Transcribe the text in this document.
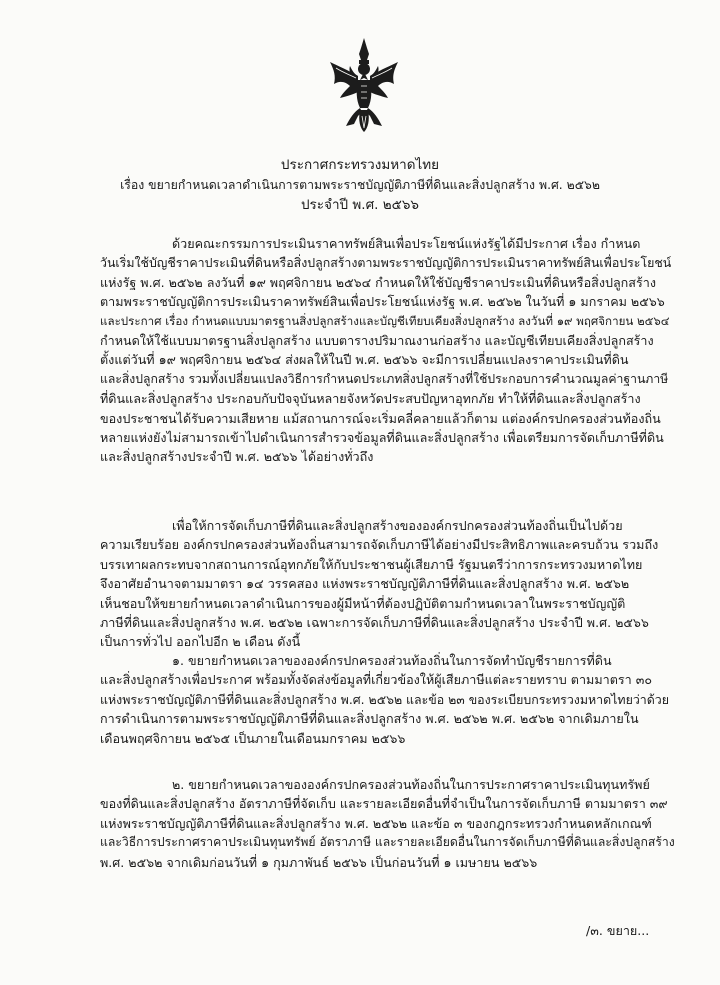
ประกาศกระทรวงมหาดไทย
เรื่อง ขยายกำหนดเวลาดำเนินการตามพระราชบัญญัติภาษีที่ดินและสิ่งปลูกสร้าง พ.ศ. ๒๕๖๒
ประจำปี พ.ศ. ๒๕๖๖
ด้วยคณะกรรมการประเมินราคาทรัพย์สินเพื่อประโยชน์แห่งรัฐได้มีประกาศ เรื่อง กำหนด
วันเริ่มใช้บัญชีราคาประเมินที่ดินหรือสิ่งปลูกสร้างตามพระราชบัญญัติการประเมินราคาทรัพย์สินเพื่อประโยชน์
แห่งรัฐ พ.ศ. ๒๕๖๒ ลงวันที่ ๑๙ พฤศจิกายน ๒๕๖๔ กำหนดให้ใช้บัญชีราคาประเมินที่ดินหรือสิ่งปลูกสร้าง
ตามพระราชบัญญัติการประเมินราคาทรัพย์สินเพื่อประโยชน์แห่งรัฐ พ.ศ. ๒๕๖๒ ในวันที่ ๑ มกราคม ๒๕๖๖
และประกาศ เรื่อง กำหนดแบบมาตรฐานสิ่งปลูกสร้างและบัญชีเทียบเคียงสิ่งปลูกสร้าง ลงวันที่ ๑๙ พฤศจิกายน ๒๕๖๔
กำหนดให้ใช้แบบมาตรฐานสิ่งปลูกสร้าง แบบตารางปริมาณงานก่อสร้าง และบัญชีเทียบเคียงสิ่งปลูกสร้าง
ตั้งแต่วันที่ ๑๙ พฤศจิกายน ๒๕๖๔ ส่งผลให้ในปี พ.ศ. ๒๕๖๖ จะมีการเปลี่ยนแปลงราคาประเมินที่ดิน
และสิ่งปลูกสร้าง รวมทั้งเปลี่ยนแปลงวิธีการกำหนดประเภทสิ่งปลูกสร้างที่ใช้ประกอบการคำนวณมูลค่าฐานภาษี
ที่ดินและสิ่งปลูกสร้าง ประกอบกับปัจจุบันหลายจังหวัดประสบปัญหาอุทกภัย ทำให้ที่ดินและสิ่งปลูกสร้าง
ของประชาชนได้รับความเสียหาย แม้สถานการณ์จะเริ่มคลี่คลายแล้วก็ตาม แต่องค์กรปกครองส่วนท้องถิ่น
หลายแห่งยังไม่สามารถเข้าไปดำเนินการสำรวจข้อมูลที่ดินและสิ่งปลูกสร้าง เพื่อเตรียมการจัดเก็บภาษีที่ดิน
และสิ่งปลูกสร้างประจำปี พ.ศ. ๒๕๖๖ ได้อย่างทั่วถึง
เพื่อให้การจัดเก็บภาษีที่ดินและสิ่งปลูกสร้างขององค์กรปกครองส่วนท้องถิ่นเป็นไปด้วย
ความเรียบร้อย องค์กรปกครองส่วนท้องถิ่นสามารถจัดเก็บภาษีได้อย่างมีประสิทธิภาพและครบถ้วน รวมถึง
บรรเทาผลกระทบจากสถานการณ์อุทกภัยให้กับประชาชนผู้เสียภาษี รัฐมนตรีว่าการกระทรวงมหาดไทย
จึงอาศัยอำนาจตามมาตรา ๑๔ วรรคสอง แห่งพระราชบัญญัติภาษีที่ดินและสิ่งปลูกสร้าง พ.ศ. ๒๕๖๒
เห็นชอบให้ขยายกำหนดเวลาดำเนินการของผู้มีหน้าที่ต้องปฏิบัติตามกำหนดเวลาในพระราชบัญญัติ
ภาษีที่ดินและสิ่งปลูกสร้าง พ.ศ. ๒๕๖๒ เฉพาะการจัดเก็บภาษีที่ดินและสิ่งปลูกสร้าง ประจำปี พ.ศ. ๒๕๖๖
เป็นการทั่วไป ออกไปอีก ๒ เดือน ดังนี้
๑. ขยายกำหนดเวลาขององค์กรปกครองส่วนท้องถิ่นในการจัดทำบัญชีรายการที่ดิน
และสิ่งปลูกสร้างเพื่อประกาศ พร้อมทั้งจัดส่งข้อมูลที่เกี่ยวข้องให้ผู้เสียภาษีแต่ละรายทราบ ตามมาตรา ๓๐
แห่งพระราชบัญญัติภาษีที่ดินและสิ่งปลูกสร้าง พ.ศ. ๒๕๖๒ และข้อ ๒๓ ของระเบียบกระทรวงมหาดไทยว่าด้วย
การดำเนินการตามพระราชบัญญัติภาษีที่ดินและสิ่งปลูกสร้าง พ.ศ. ๒๕๖๒ พ.ศ. ๒๕๖๒ จากเดิมภายใน
เดือนพฤศจิกายน ๒๕๖๕ เป็นภายในเดือนมกราคม ๒๕๖๖
๒. ขยายกำหนดเวลาขององค์กรปกครองส่วนท้องถิ่นในการประกาศราคาประเมินทุนทรัพย์
ของที่ดินและสิ่งปลูกสร้าง อัตราภาษีที่จัดเก็บ และรายละเอียดอื่นที่จำเป็นในการจัดเก็บภาษี ตามมาตรา ๓๙
แห่งพระราชบัญญัติภาษีที่ดินและสิ่งปลูกสร้าง พ.ศ. ๒๕๖๒ และข้อ ๓ ของกฎกระทรวงกำหนดหลักเกณฑ์
และวิธีการประกาศราคาประเมินทุนทรัพย์ อัตราภาษี และรายละเอียดอื่นในการจัดเก็บภาษีที่ดินและสิ่งปลูกสร้าง
พ.ศ. ๒๕๖๒ จากเดิมก่อนวันที่ ๑ กุมภาพันธ์ ๒๕๖๖ เป็นก่อนวันที่ ๑ เมษายน ๒๕๖๖
/๓. ขยาย...
